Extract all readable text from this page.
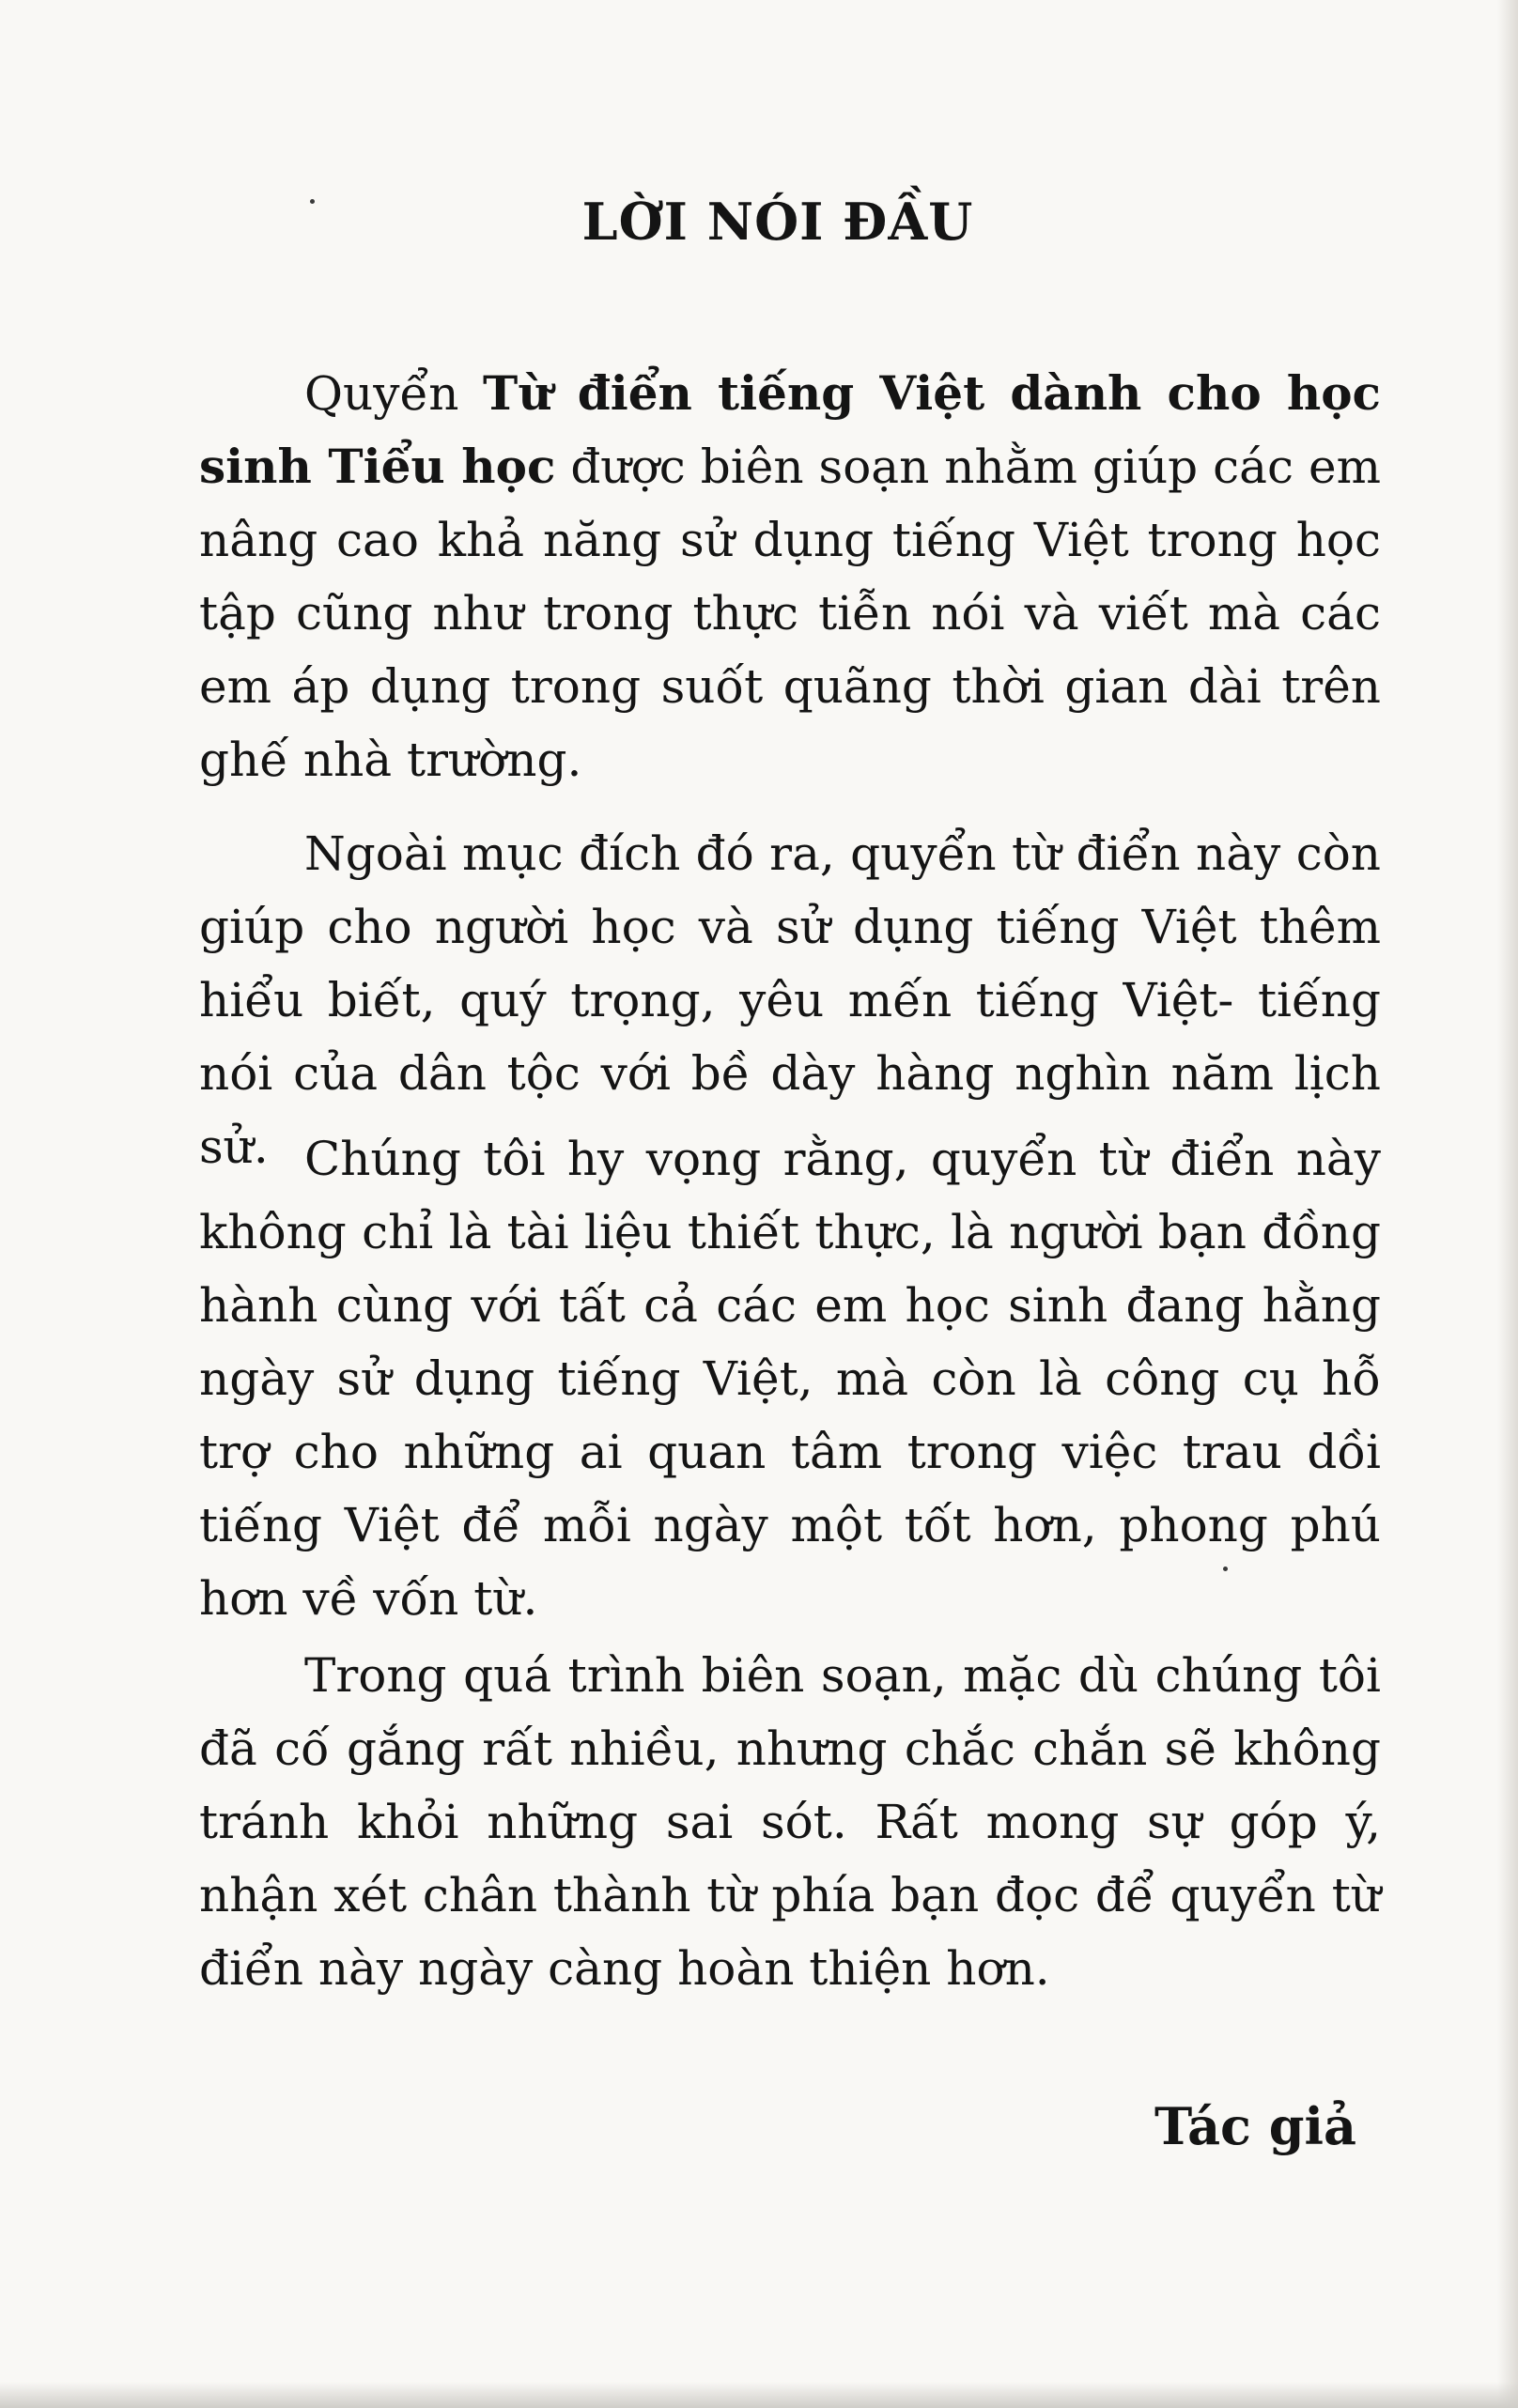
LỜI NÓI ĐẦU

Quyển Từ điển tiếng Việt dành cho học sinh Tiểu học được biên soạn nhằm giúp các em nâng cao khả năng sử dụng tiếng Việt trong học tập cũng như trong thực tiễn nói và viết mà các em áp dụng trong suốt quãng thời gian dài trên ghế nhà trường.

Ngoài mục đích đó ra, quyển từ điển này còn giúp cho người học và sử dụng tiếng Việt thêm hiểu biết, quý trọng, yêu mến tiếng Việt- tiếng nói của dân tộc với bề dày hàng nghìn năm lịch sử. Chúng tôi hy vọng rằng, quyển từ điển này không chỉ là tài liệu thiết thực, là người bạn đồng hành cùng với tất cả các em học sinh đang hằng ngày sử dụng tiếng Việt, mà còn là công cụ hỗ trợ cho những ai quan tâm trong việc trau dồi tiếng Việt để mỗi ngày một tốt hơn, phong phú hơn về vốn từ.

Trong quá trình biên soạn, mặc dù chúng tôi đã cố gắng rất nhiều, nhưng chắc chắn sẽ không tránh khỏi những sai sót. Rất mong sự góp ý, nhận xét chân thành từ phía bạn đọc để quyển từ điển này ngày càng hoàn thiện hơn.

Tác giả
